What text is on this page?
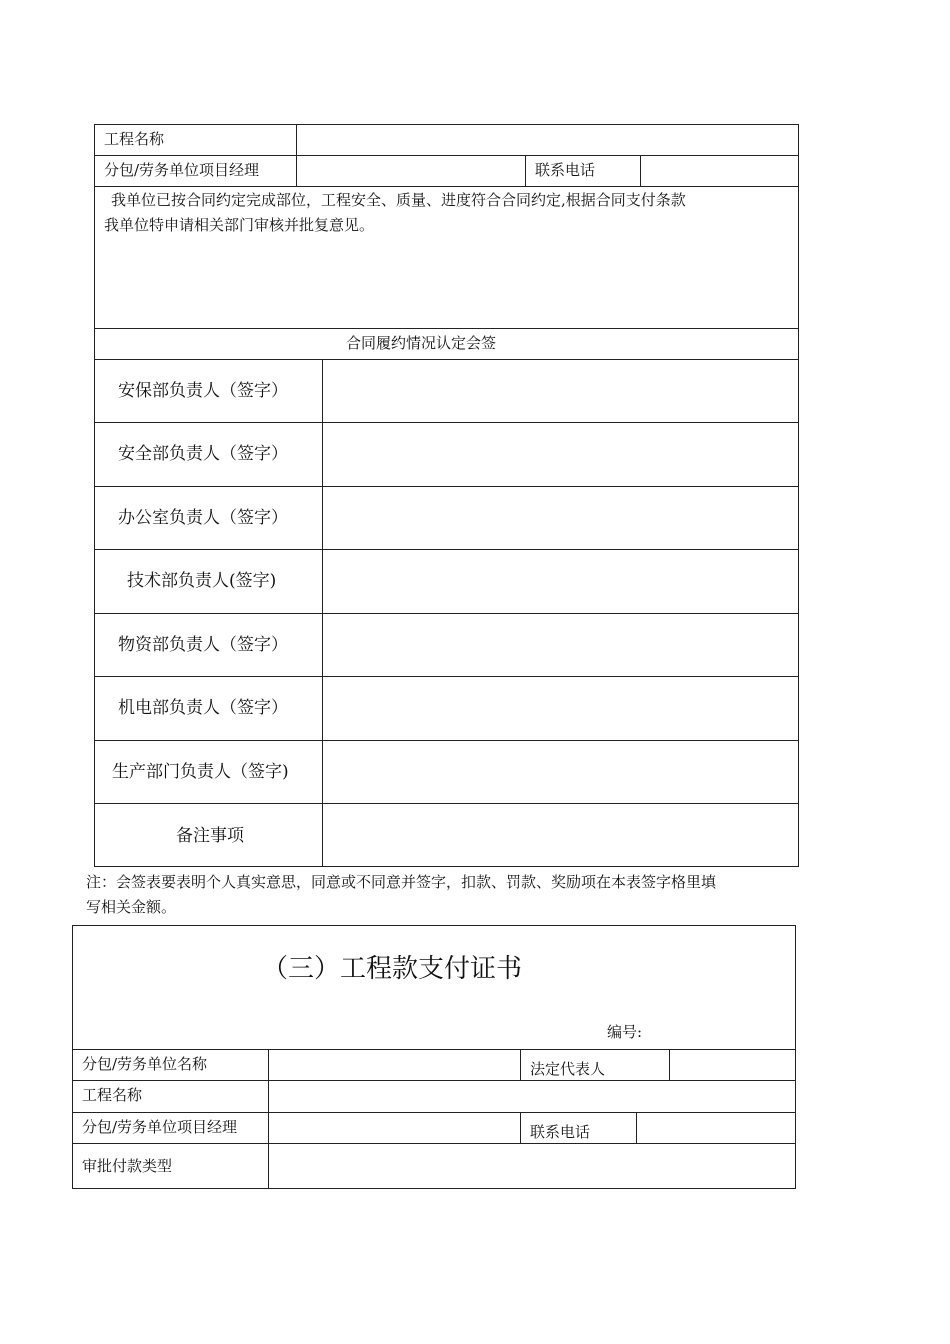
工程名称
分包/劳务单位项目经理	联系电话
我单位已按合同约定完成部位，工程安全、质量、进度符合合同约定,根据合同支付条款
我单位特申请相关部门审核并批复意见。
合同履约情况认定会签
安保部负责人（签字）
安全部负责人（签字）
办公室负责人（签字）
技术部负责人(签字)
物资部负责人（签字）
机电部负责人（签字）
生产部门负责人（签字)
备注事项
注：会签表要表明个人真实意思，同意或不同意并签字，扣款、罚款、奖励项在本表签字格里填
写相关金额。
（三）工程款支付证书
编号:
分包/劳务单位名称	法定代表人
工程名称
分包/劳务单位项目经理	联系电话
审批付款类型
